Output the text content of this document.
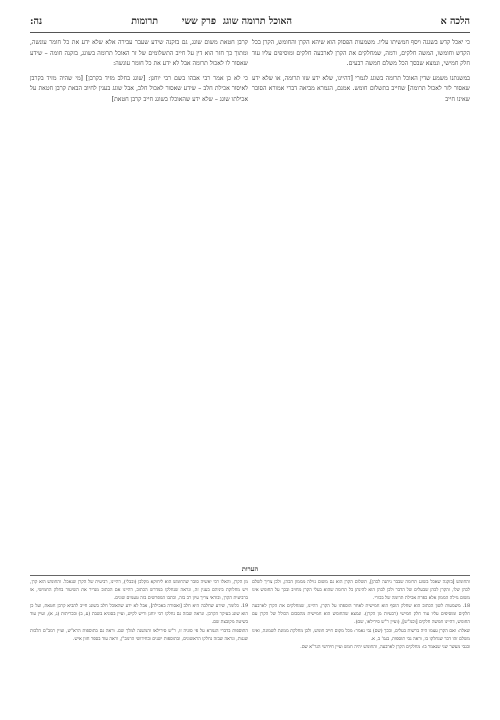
הלכה א
האוכל תרומה שוגג
פרק ששי
תרומות
נה:

כי יאכל קדש בשגגה ויסף חמשיתו עליו. משמעות הפסוק הוא שיהא הקרן והחומש, הקרן בכל הקדש וחומשו, המשה חלקים, ורמה, שמחלקים את הקרן לארבעה חלקים ומוסיפים עליו עוד חלק חמישי, ונמצא שבסך הכל משלם חמשה רבעים.

במשנתנו משמע שדין האוכל תרומה בשוגג לגמרי [דהיינו, שלא ידע שזו תרומה, או שלא ידע שאסור לזר לאכול תרומה] שחייב בתשלום חומש. אמנם, הגמרא מביאה דברי אמורא הסובר שאינו חייב

קרבן חטאת משום שוגג, גם בזקנה שידע שעבר עבירה אלא שלא ידע את כל חומר עונשה, ומתוך כך חזר הוא דין על חייב התשלומים של זר האוכל תרומה בשוגג, בזקנה חומה – שידע שאסור לו לאכול תרומה אבל לא ידע את כל חומר עונשה:

כי לא כן אמר רבי אבהו בשם רבי יוחנן: [שוגג בחלב מזיד בקרבן] [מי שהיה מזיד בקרבן לאיסור אכילת חלב – שידע שאסור לאכול חלב, אבל שוגג בענין לחיוב הבאת קרבן חטאת על אכילתו שוגג – שלא ידע שהאוכלו בשוגג חייב קרבן חטאת]

הערות

והחומש [בזקנה שאכל בשוגג תרומה שבבר ניתנה לכהן], תשלום הקרן הוא גם משום גזילה מממון הכהן, ולכן צריך לשלם לכהן שלו, והקרן לכהן שבעלים של הדבר ולכן לכהן הוא להינתן כל תרומה שהוא בעלי הקרן מחויב ובכך על החומש אינו משום גזילה הממון אלא כפרת אכילת תרומה של בכורי.

18. משמעות לשון הכתוב הוא שחלק הוסף הוא חמישית לאחר הוספתו על הקרן, דהיינו, שמחלקים את הקרן לארבעה חלקים ומוסיפים עליו עוד חלק חמישי (רבעיות מן הקרן). ונמצא שהחומש הוא חמישית מהסכום הכולל של הקרן עם החומש, דהיינו חמשה חלקים [וכמ"ש], (ועיין ר"ש סירילאו, שם).

שאלה: ואם הקרן עצמו היה ברשות בעלים, ובכך (שם) גבי נאמר: מכל מקום חייב חומש, ולכן מחלקת ממונת לשמונה, ואינו משלם זהו דבר שנחלקו בו, וראה גבי תוספות, בגמ' ב, א.

ובגבי מעשר שני שנאמר בו: מחלקים הקרן לארבעה, והחומש יהיה חמש ועיין חידושי הגר"א שם.

מן הקרן, והאלו רבי יאשיה סובר שהחומש הוא ליחוקא מקלבן (ובבלי), דהיינו, רביעית של הקרן שנאכל. והחומש הוא קרן, ויש מחלוקת ביניהם בענין זה, ונראה שנחלקו במדרש הכתוב, דהיינו אם הכתוב מגדיר את השיעור בחלק החמישי, או ברביעית הקרן, ובודאי צריך עיון רב בזה, וכתבו המפרשים בזה טעמים שונים.

19. כלומר, שידע שחלבה היא חלב [ואסורה באכילה], אבל לא ידע שהאוכל חלב בשוגג חייב להביא קרבן חטאת, ועל כן הוא שוגג בעיקר הקרבן. ונראה שבזה גם נחלקו רבי יוחנן וריש לקיש, ועיין בסוגיא בשבת (ע, ב) ובכריתות (ג, א), ועיין עוד בשיטה מקובצת שם.

התוספות בדברי הגמרא על פי סוגיה זו, ר"ש סירילאו והמשנה למלך שם. וראה גם בתוספות הרא"ש, ועיין רמב"ם הלכות שגגות, ונראה שבזה נחלקו הראשונים, ובתוספות ישנים ובחידושי הרמב"ן, וראה עוד בספר חזון איש.
